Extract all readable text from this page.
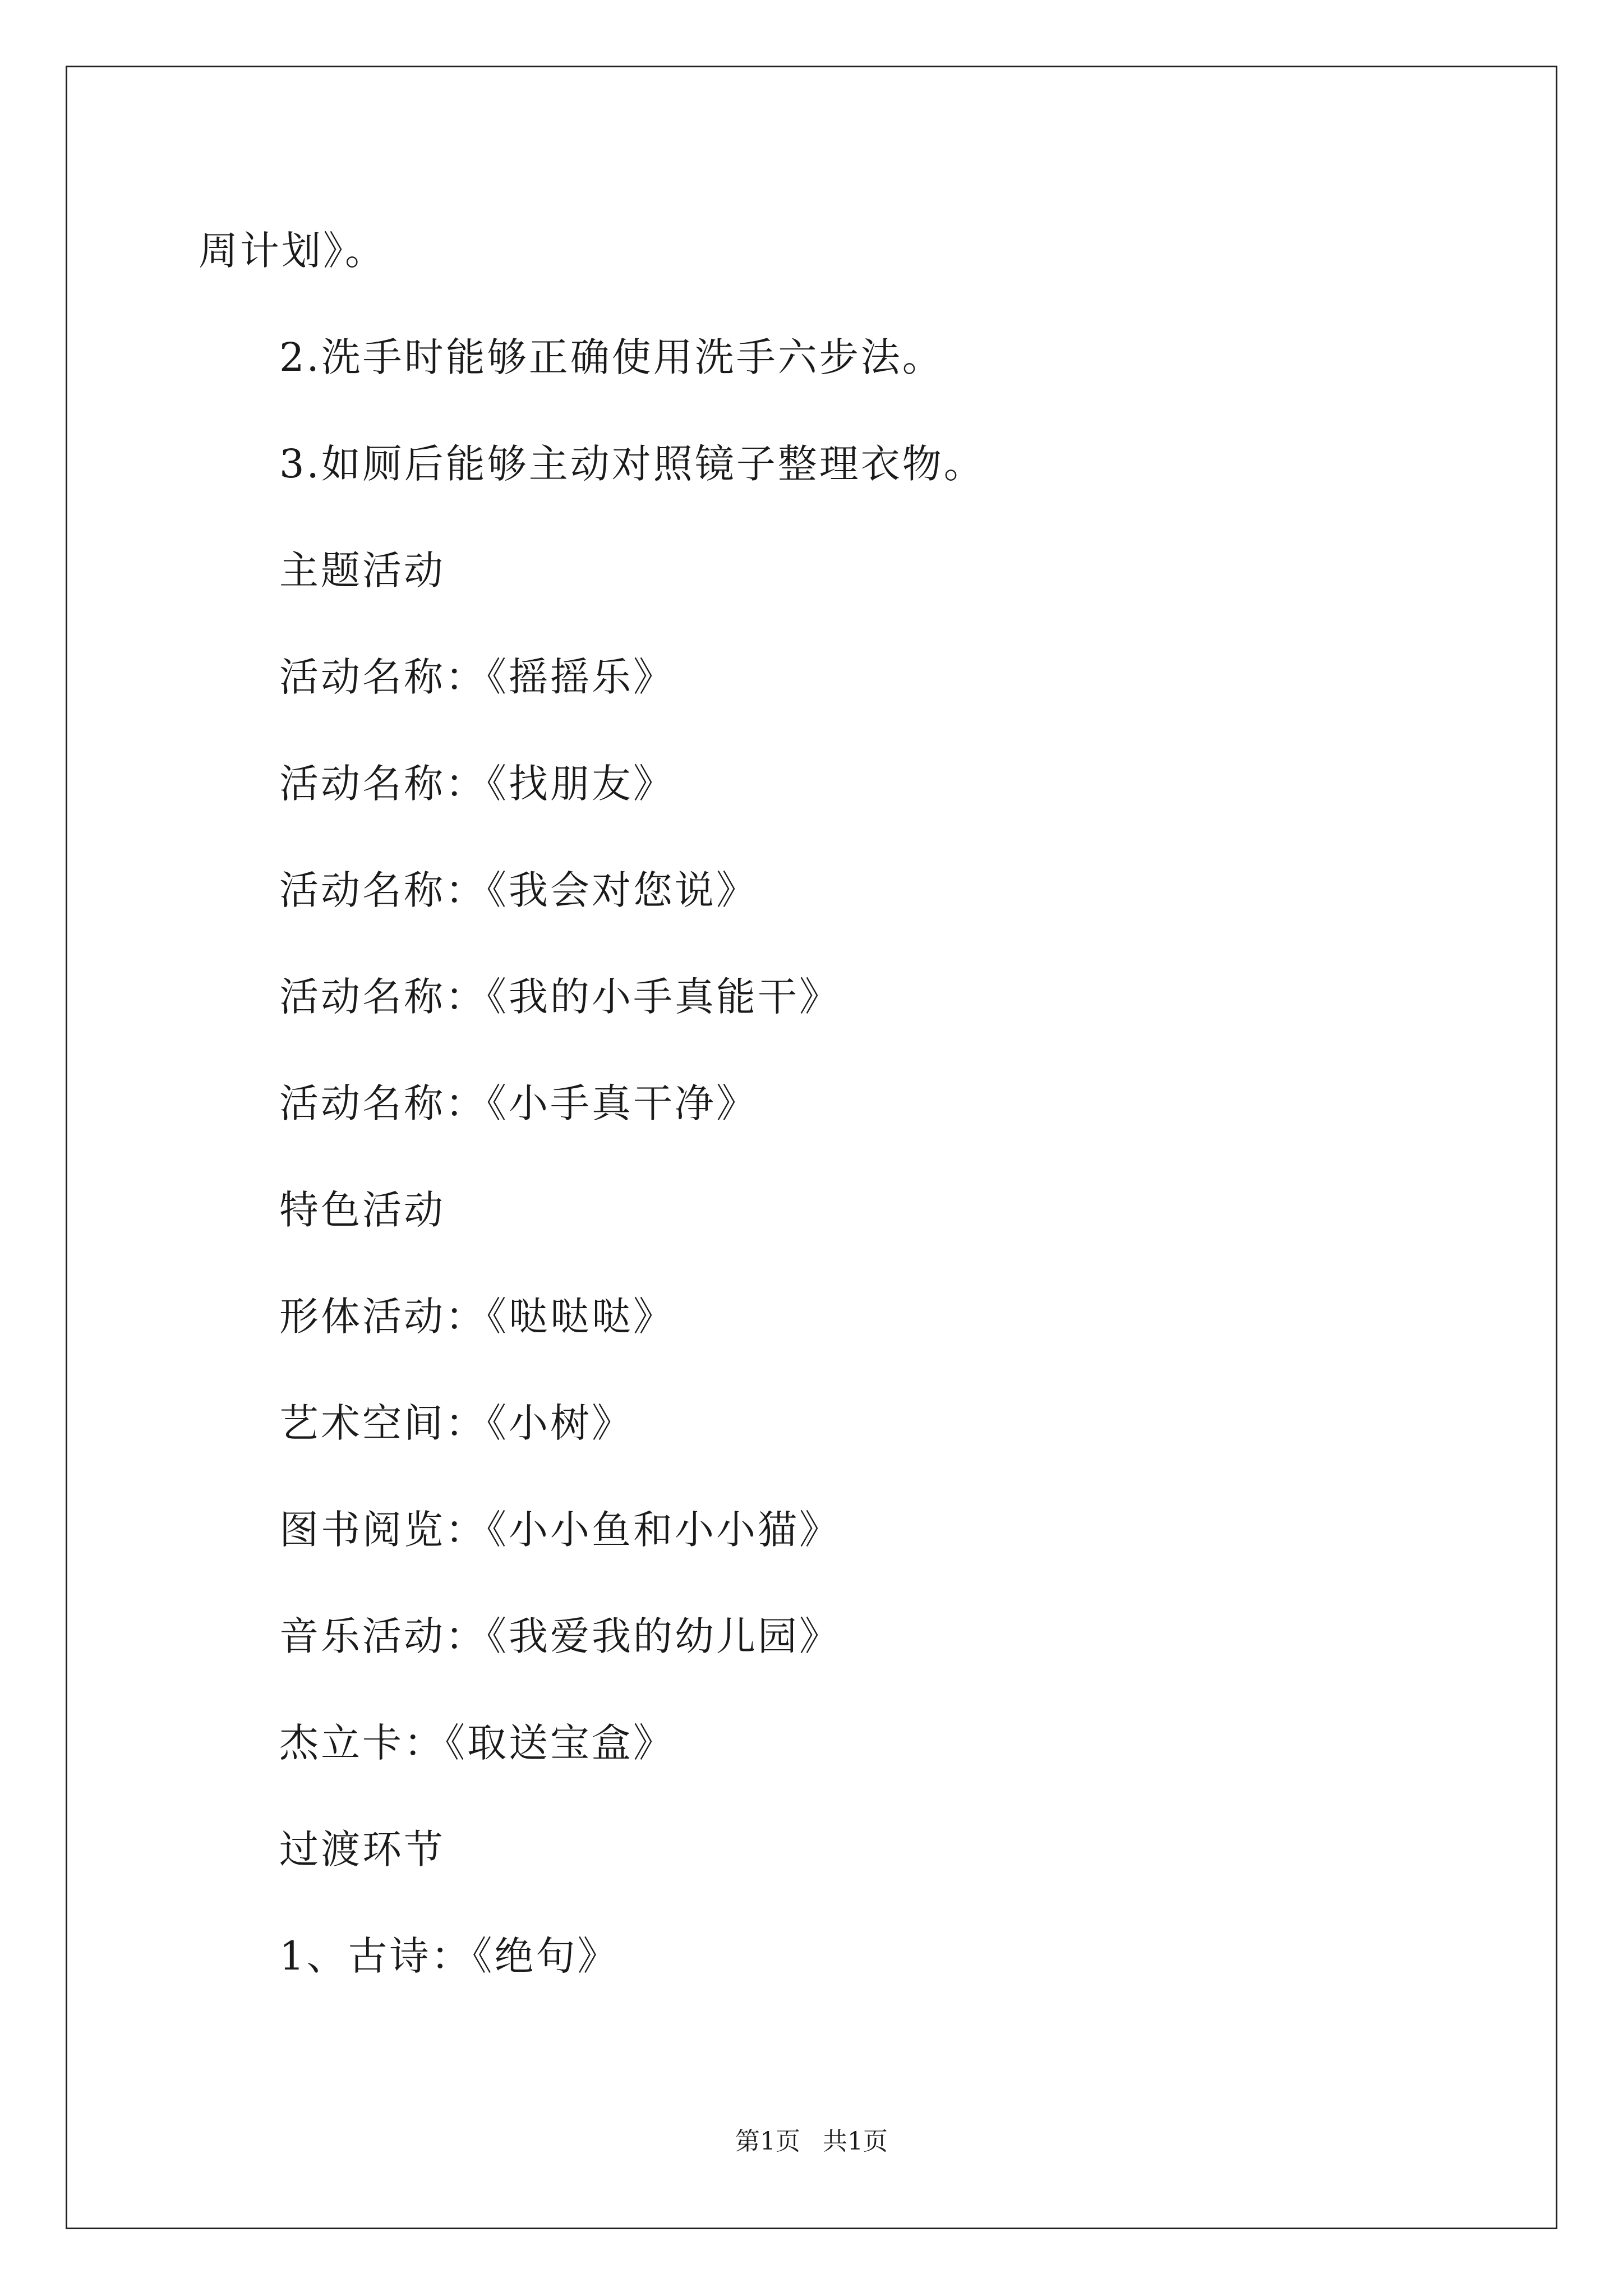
周计划》。
2.洗手时能够正确使用洗手六步法。
3.如厕后能够主动对照镜子整理衣物。
主题活动
活动名称：《摇摇乐》
活动名称：《找朋友》
活动名称：《我会对您说》
活动名称：《我的小手真能干》
活动名称：《小手真干净》
特色活动
形体活动：《哒哒哒》
艺术空间：《小树》
图书阅览：《小小鱼和小小猫》
音乐活动：《我爱我的幼儿园》
杰立卡：《取送宝盒》
过渡环节
1、古诗：《绝句》
第1页 共1页
